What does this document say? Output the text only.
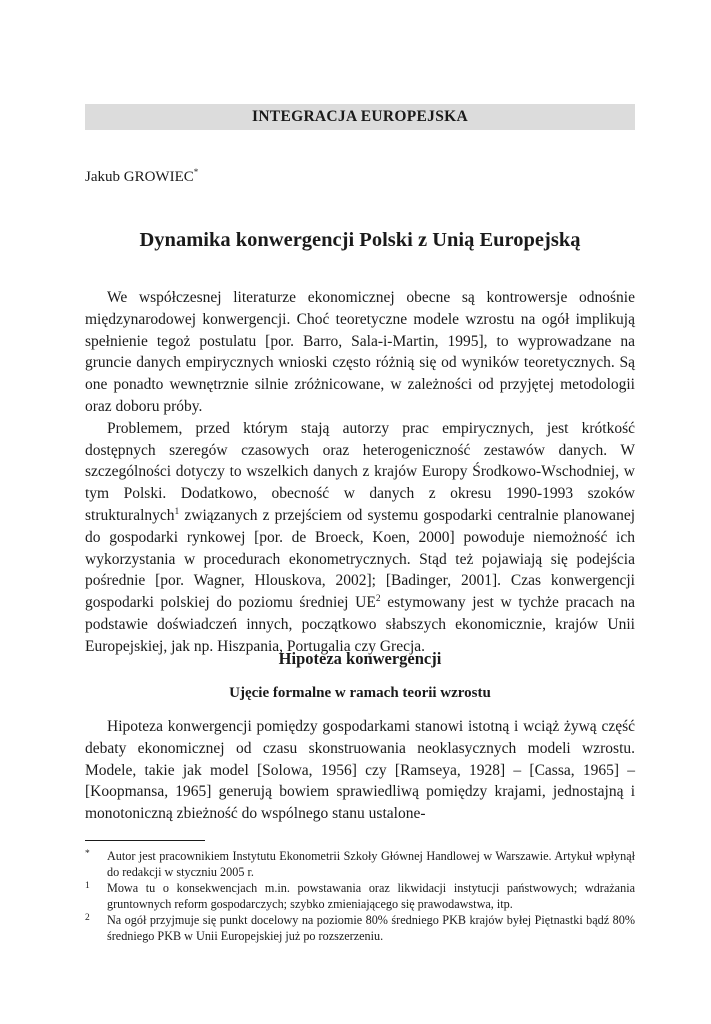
INTEGRACJA EUROPEJSKA
Jakub GROWIEC*
Dynamika konwergencji Polski z Unią Europejską

We współczesnej literaturze ekonomicznej obecne są kontrowersje odnośnie międzynarodowej konwergencji. Choć teoretyczne modele wzrostu na ogół implikują spełnienie tegoż postulatu [por. Barro, Sala-i-Martin, 1995], to wyprowadzane na gruncie danych empirycznych wnioski często różnią się od wyników teoretycznych. Są one ponadto wewnętrznie silnie zróżnicowane, w zależności od przyjętej metodologii oraz doboru próby.

Problemem, przed którym stają autorzy prac empirycznych, jest krótkość dostępnych szeregów czasowych oraz heterogeniczność zestawów danych. W szczególności dotyczy to wszelkich danych z krajów Europy Środkowo-Wschodniej, w tym Polski. Dodatkowo, obecność w danych z okresu 1990-1993 szoków strukturalnych$^1$ związanych z przejściem od systemu gospodarki centralnie planowanej do gospodarki rynkowej [por. de Broeck, Koen, 2000] powoduje niemożność ich wykorzystania w procedurach ekonometrycznych. Stąd też pojawiają się podejścia pośrednie [por. Wagner, Hlouskova, 2002]; [Badinger, 2001]. Czas konwergencji gospodarki polskiej do poziomu średniej $UE^2$ estymowany jest w tychże pracach na podstawie doświadczeń innych, początkowo słabszych ekonomicznie, krajów Unii Europejskiej, jak np. Hiszpania, Portugalia czy Grecja.

Hipoteza konwergencji
Ujęcie formalne w ramach teorii wzrostu

Hipoteza konwergencji pomiędzy gospodarkami stanowi istotną i wciąż żywą część debaty ekonomicznej od czasu skonstruowania neoklasycznych modeli wzrostu. Modele, takie jak model [Solowa, 1956] czy [Ramseya, 1928] – [Cassa, 1965] – [Koopmansa, 1965] generują bowiem sprawiedliwą pomiędzy krajami, jednostajną i monotoniczną zbieżność do wspólnego stanu ustalone-

* Autor jest pracownikiem Instytutu Ekonometrii Szkoły Głównej Handlowej w Warszawie. Artykuł wpłynął do redakcji w styczniu 2005 r.
1 Mowa tu o konsekwencjach m.in. powstawania oraz likwidacji instytucji państwowych; wdrażania gruntownych reform gospodarczych; szybko zmieniającego się prawodawstwa, itp.
2 Na ogół przyjmuje się punkt docelowy na poziomie 80% średniego PKB krajów byłej Piętnastki bądź 80% średniego PKB w Unii Europejskiej już po rozszerzeniu.
